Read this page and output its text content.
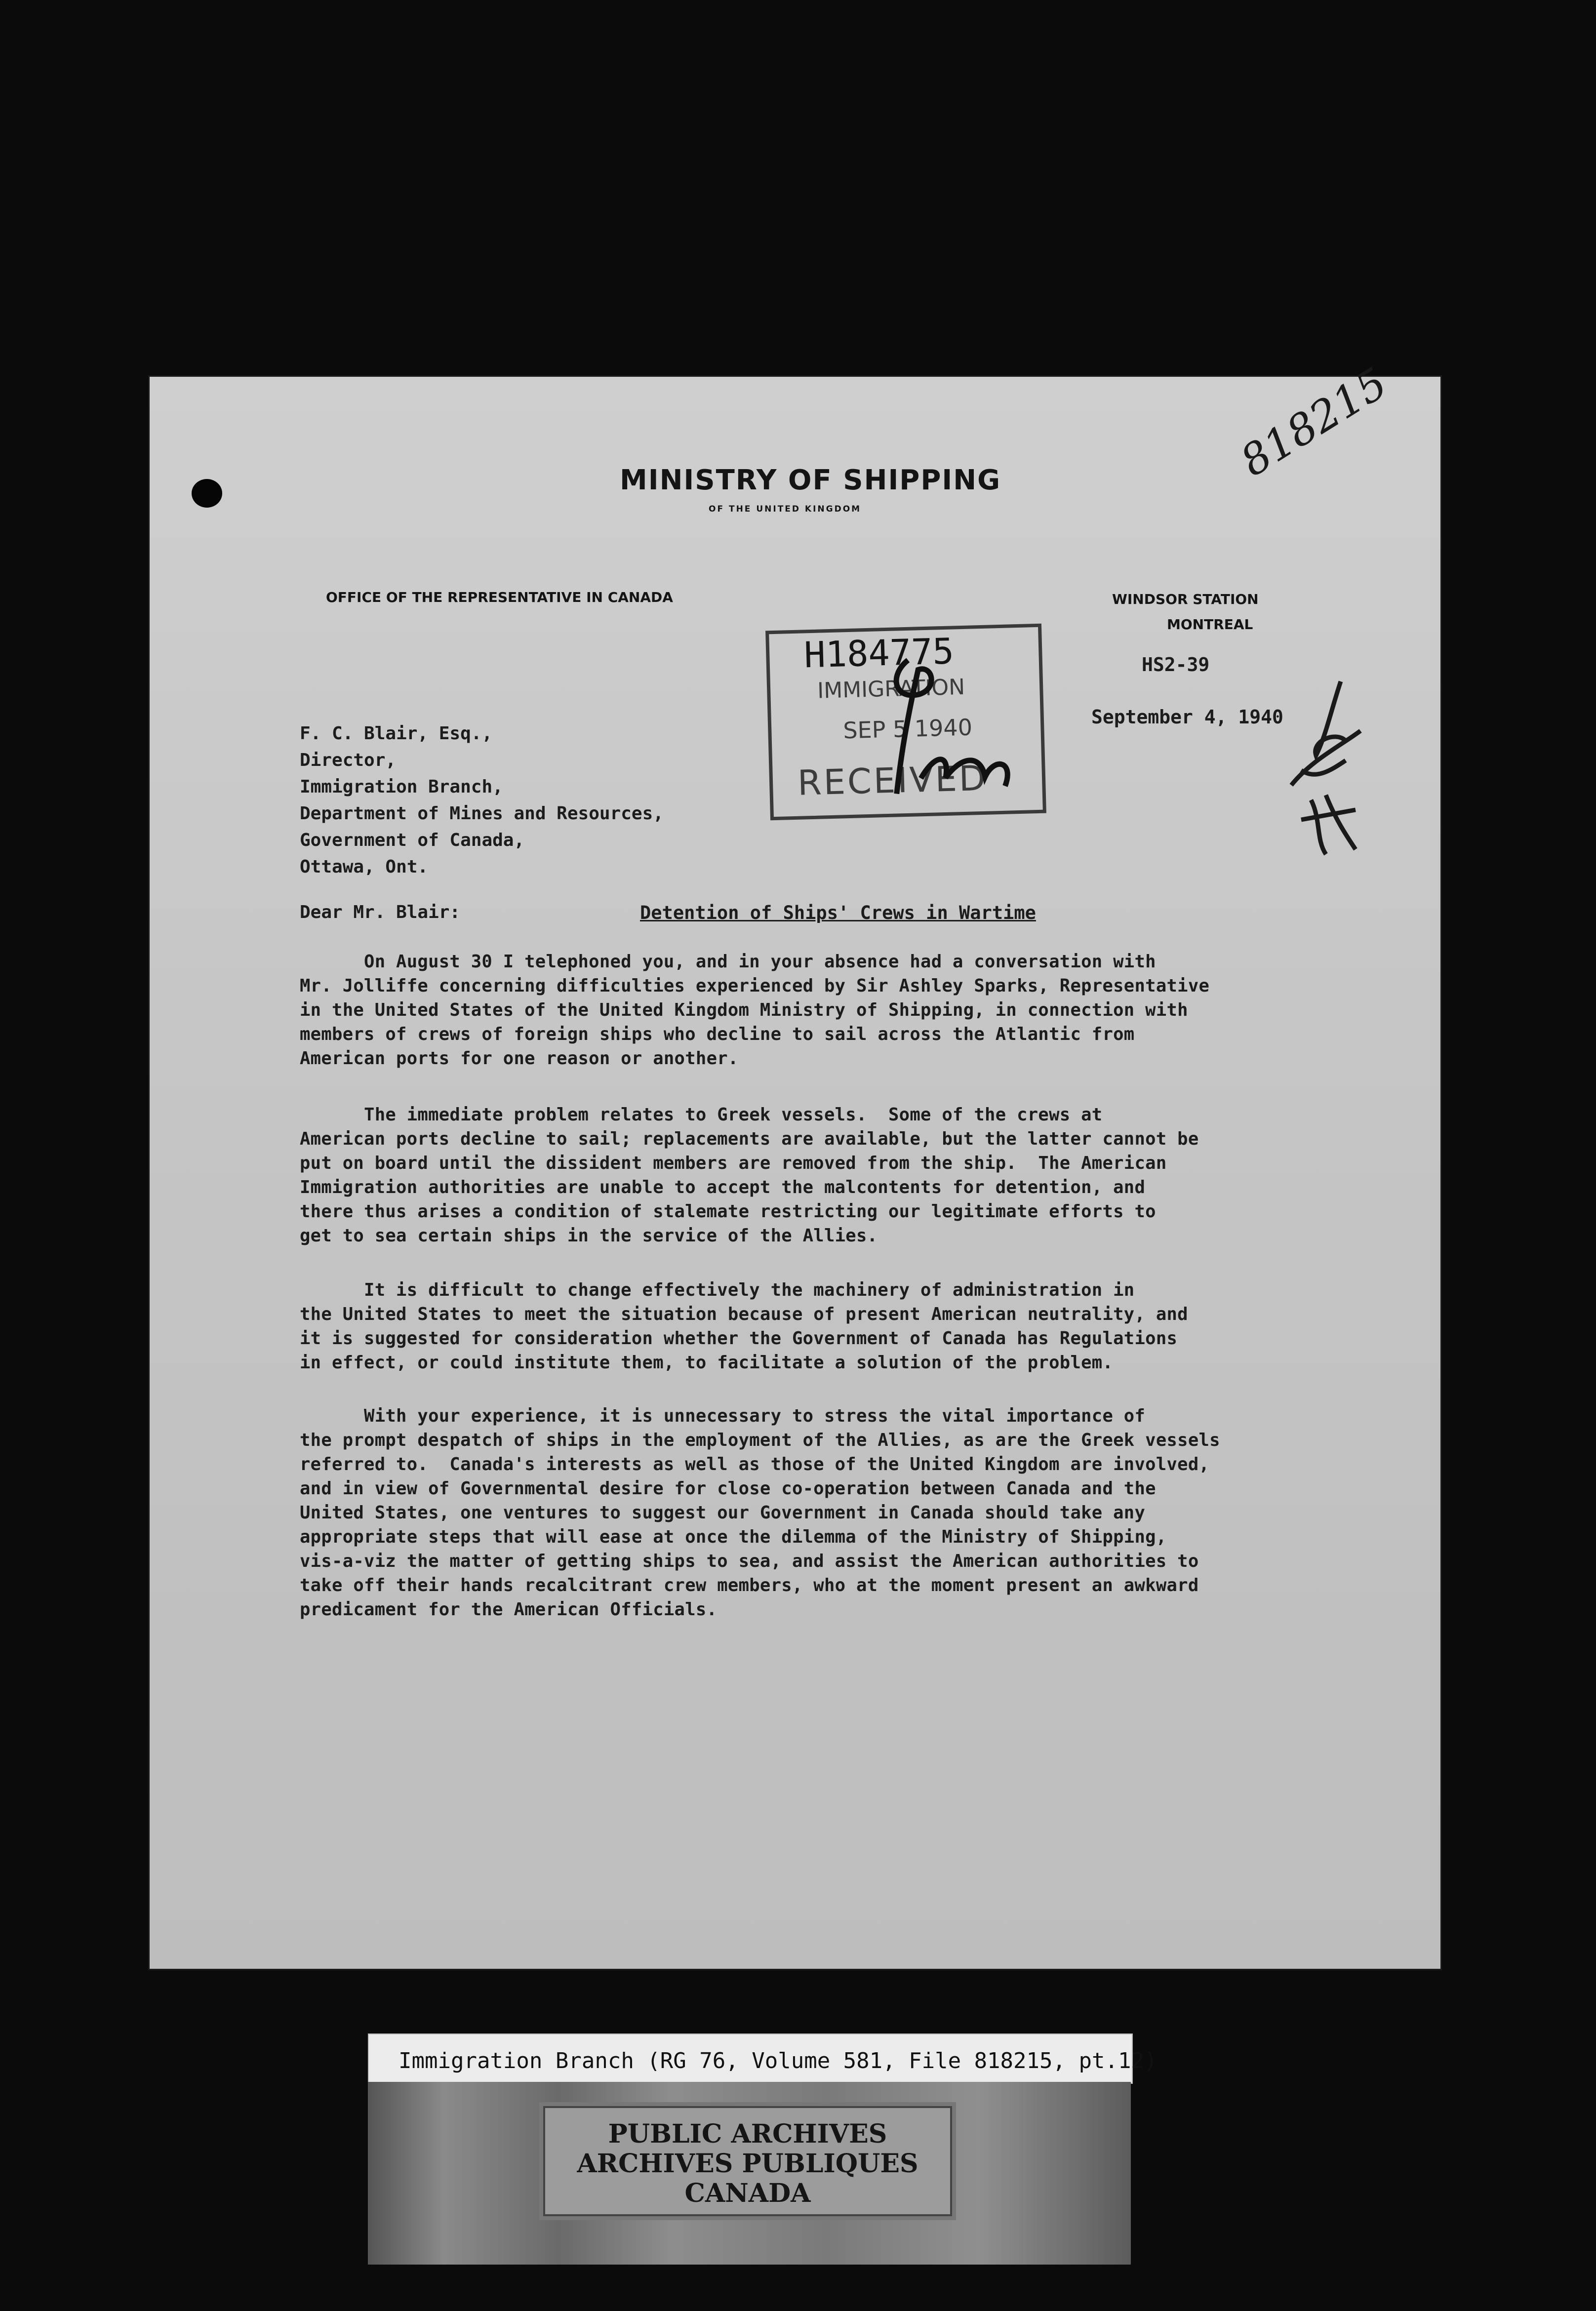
MINISTRY OF SHIPPING
OF THE UNITED KINGDOM
OFFICE OF THE REPRESENTATIVE IN CANADA	WINDSOR STATION
MONTREAL
HS2-39
September 4, 1940
818215
H184775
IMMIGRATION
SEP 5 1940
RECEIVED
F. C. Blair, Esq.,
Director,
Immigration Branch,
Department of Mines and Resources,
Government of Canada,
Ottawa, Ont.
Dear Mr. Blair:	Detention of Ships' Crews in Wartime
On August 30 I telephoned you, and in your absence had a conversation with
Mr. Jolliffe concerning difficulties experienced by Sir Ashley Sparks, Representative
in the United States of the United Kingdom Ministry of Shipping, in connection with
members of crews of foreign ships who decline to sail across the Atlantic from
American ports for one reason or another.
The immediate problem relates to Greek vessels.  Some of the crews at
American ports decline to sail; replacements are available, but the latter cannot be
put on board until the dissident members are removed from the ship.  The American
Immigration authorities are unable to accept the malcontents for detention, and
there thus arises a condition of stalemate restricting our legitimate efforts to
get to sea certain ships in the service of the Allies.
It is difficult to change effectively the machinery of administration in
the United States to meet the situation because of present American neutrality, and
it is suggested for consideration whether the Government of Canada has Regulations
in effect, or could institute them, to facilitate a solution of the problem.
With your experience, it is unnecessary to stress the vital importance of
the prompt despatch of ships in the employment of the Allies, as are the Greek vessels
referred to.  Canada's interests as well as those of the United Kingdom are involved,
and in view of Governmental desire for close co-operation between Canada and the
United States, one ventures to suggest our Government in Canada should take any
appropriate steps that will ease at once the dilemma of the Ministry of Shipping,
vis-a-viz the matter of getting ships to sea, and assist the American authorities to
take off their hands recalcitrant crew members, who at the moment present an awkward
predicament for the American Officials.
Immigration Branch (RG 76, Volume 581, File 818215, pt.12)
PUBLIC ARCHIVES
ARCHIVES PUBLIQUES
CANADA
